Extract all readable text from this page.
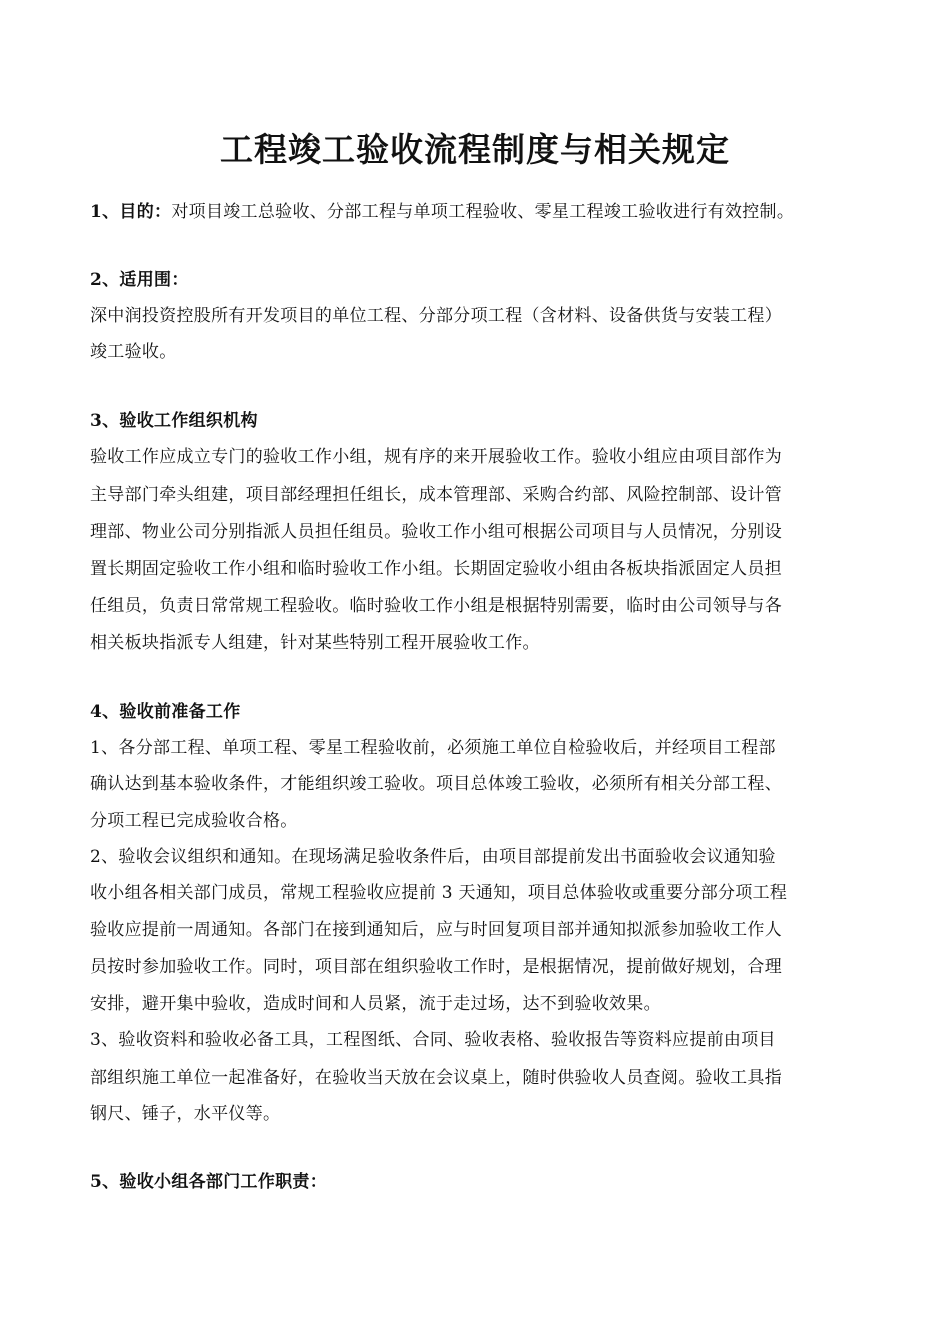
工程竣工验收流程制度与相关规定
1、目的：对项目竣工总验收、分部工程与单项工程验收、零星工程竣工验收进行有效控制。
2、适用围：
深中润投资控股所有开发项目的单位工程、分部分项工程（含材料、设备供货与安装工程）
竣工验收。
3、验收工作组织机构
验收工作应成立专门的验收工作小组，规有序的来开展验收工作。验收小组应由项目部作为
主导部门牵头组建，项目部经理担任组长，成本管理部、采购合约部、风险控制部、设计管
理部、物业公司分别指派人员担任组员。验收工作小组可根据公司项目与人员情况，分别设
置长期固定验收工作小组和临时验收工作小组。长期固定验收小组由各板块指派固定人员担
任组员，负责日常常规工程验收。临时验收工作小组是根据特别需要，临时由公司领导与各
相关板块指派专人组建，针对某些特别工程开展验收工作。
4、验收前准备工作
1、各分部工程、单项工程、零星工程验收前，必须施工单位自检验收后，并经项目工程部
确认达到基本验收条件，才能组织竣工验收。项目总体竣工验收，必须所有相关分部工程、
分项工程已完成验收合格。
2、验收会议组织和通知。在现场满足验收条件后，由项目部提前发出书面验收会议通知验
收小组各相关部门成员，常规工程验收应提前 3 天通知，项目总体验收或重要分部分项工程
验收应提前一周通知。各部门在接到通知后，应与时回复项目部并通知拟派参加验收工作人
员按时参加验收工作。同时，项目部在组织验收工作时，是根据情况，提前做好规划，合理
安排，避开集中验收，造成时间和人员紧，流于走过场，达不到验收效果。
3、验收资料和验收必备工具，工程图纸、合同、验收表格、验收报告等资料应提前由项目
部组织施工单位一起准备好，在验收当天放在会议桌上，随时供验收人员查阅。验收工具指
钢尺、锤子，水平仪等。
5、验收小组各部门工作职责：
